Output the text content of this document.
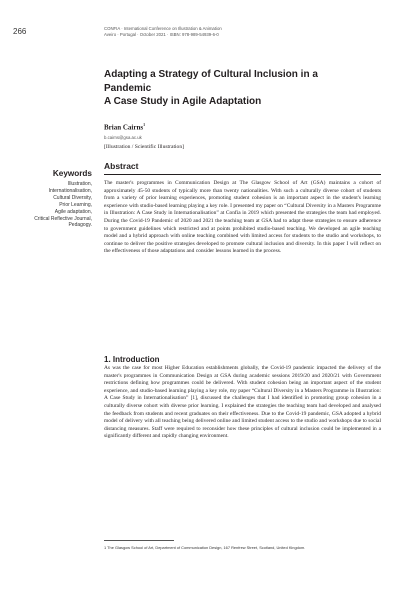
266	CONFIA · International Conference on Illustration & Animation
Aveiro · Portugal · October 2021 · ISBN: 978-989-54939-6-0
Adapting a Strategy of Cultural Inclusion in a Pandemic
A Case Study in Agile Adaptation
Brian Cairns$^1$
b.cairns@gsa.ac.uk
[Illustration / Scientific Illustration]
Keywords
Illustration,
Internationalisation,
Cultural Diversity,
Prior Learning,
Agile adaptation,
Critical Reflective Journal,
Pedagogy.
Abstract

The master's programmes in Communication Design at The Glasgow School of Art (GSA) maintains a cohort of approximately 45-50 students of typically more than twenty nationalities. With such a culturally diverse cohort of students from a variety of prior learning experiences, promoting student cohesion is an important aspect in the student's learning experience with studio-based learning playing a key role. I presented my paper on “Cultural Diversity in a Masters Programme in Illustration: A Case Study in Internationalisation” at Confia in 2019 which presented the strategies the team had employed. During the Covid-19 Pandemic of 2020 and 2021 the teaching team at GSA had to adapt these strategies to ensure adherence to government guidelines which restricted and at points prohibited studio-based teaching. We developed an agile teaching model and a hybrid approach with online teaching combined with limited access for students to the studio and workshops, to continue to deliver the positive strategies developed to promote cultural inclusion and diversity. In this paper I will reflect on the effectiveness of those adaptations and consider lessons learned in the process.

1. Introduction

As was the case for most Higher Education establishments globally, the Covid-19 pandemic impacted the delivery of the master's programmes in Communication Design at GSA during academic sessions 2019/20 and 2020/21 with Government restrictions defining how programmes could be delivered. With student cohesion being an important aspect of the student experience, and studio-based learning playing a key role, my paper “Cultural Diversity in a Masters Programme in Illustration: A Case Study in Internationalisation” [1], discussed the challenges that I had identified in promoting group cohesion in a culturally diverse cohort with diverse prior learning. I explained the strategies the teaching team had developed and analysed the feedback from students and recent graduates on their effectiveness. Due to the Covid-19 pandemic, GSA adopted a hybrid model of delivery with all teaching being delivered online and limited student access to the studio and workshops due to social distancing measures. Staff were required to reconsider how these principles of cultural inclusion could be implemented in a significantly different and rapidly changing environment.

1 The Glasgow School of Art, Department of Communication Design, 167 Renfrew Street, Scotland, United Kingdom.
